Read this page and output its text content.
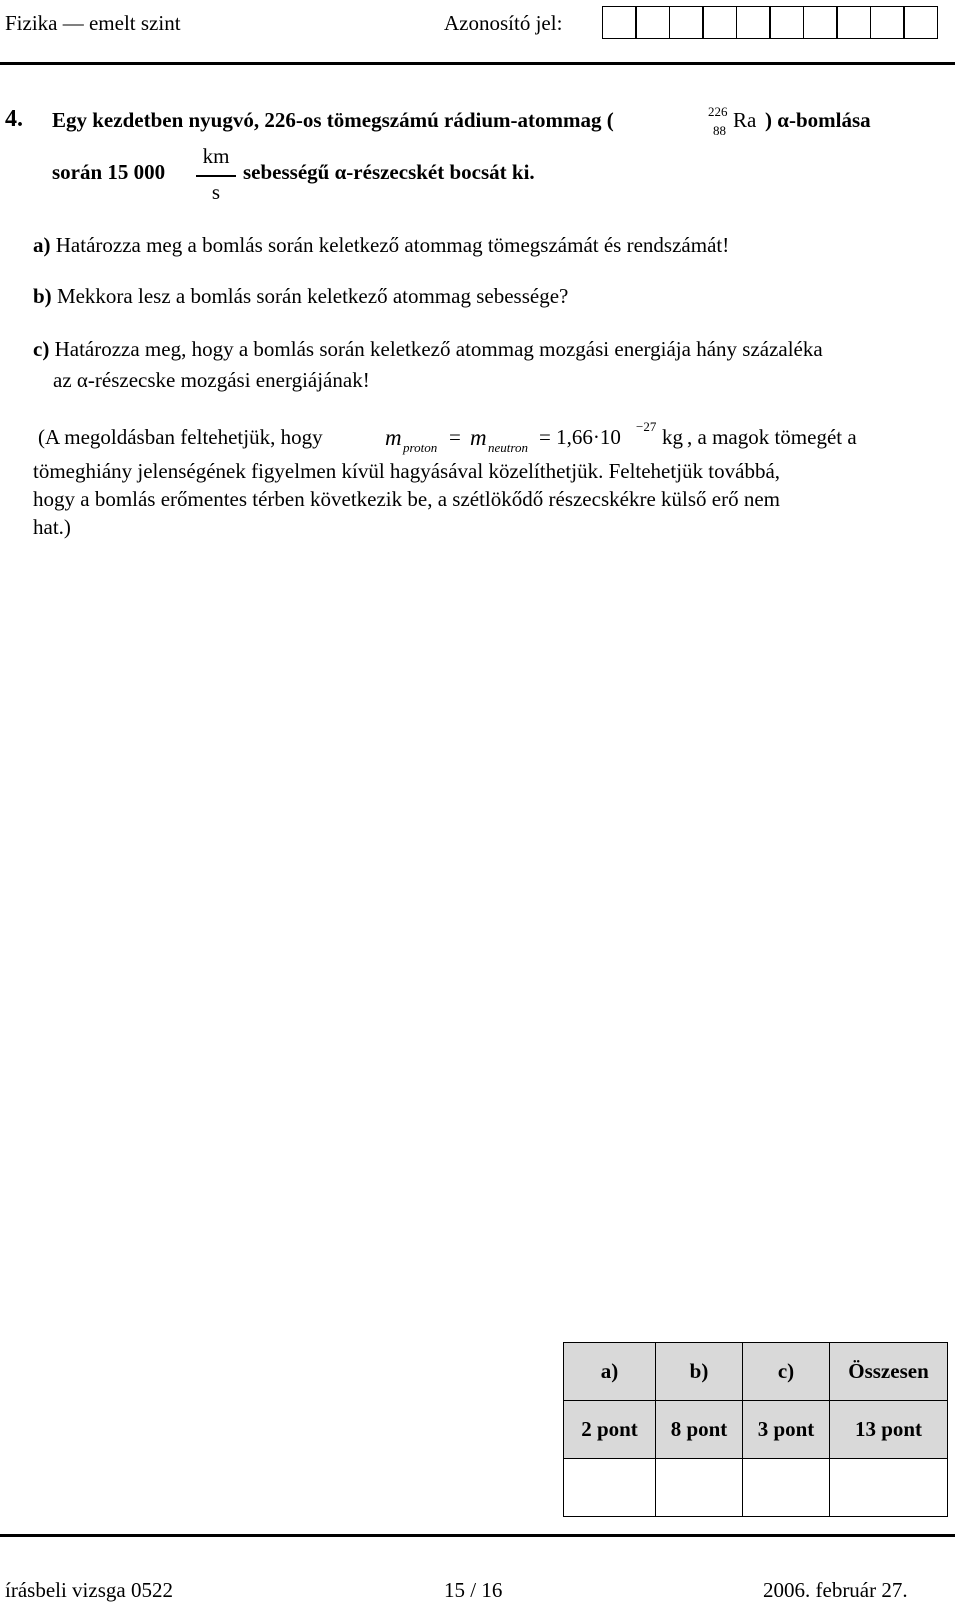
Fizika — emelt szint	Azonosító jel:
4. Egy kezdetben nyugvó, 226-os tömegszámú rádium-atommag (	226
88 Ra ) α-bomlása
során 15 000
km
s
sebességű α-részecskét bocsát ki.
a) Határozza meg a bomlás során keletkező atommag tömegszámát és rendszámát!
b) Mekkora lesz a bomlás során keletkező atommag sebessége?
c) Határozza meg, hogy a bomlás során keletkező atommag mozgási energiája hány százaléka
az α-részecske mozgási energiájának!
(A megoldásban feltehetjük, hogy	m proton = m neutron = 1,66·10 −27 kg , a magok tömegét a
tömeghiány jelenségének figyelmen kívül hagyásával közelíthetjük. Feltehetjük továbbá,
hogy a bomlás erőmentes térben következik be, a szétlökődő részecskékre külső erő nem
hat.)
a)	b)	c)	Összesen
2 pont	8 pont	3 pont	13 pont

írásbeli vizsga 0522	15 / 16	2006. február 27.
